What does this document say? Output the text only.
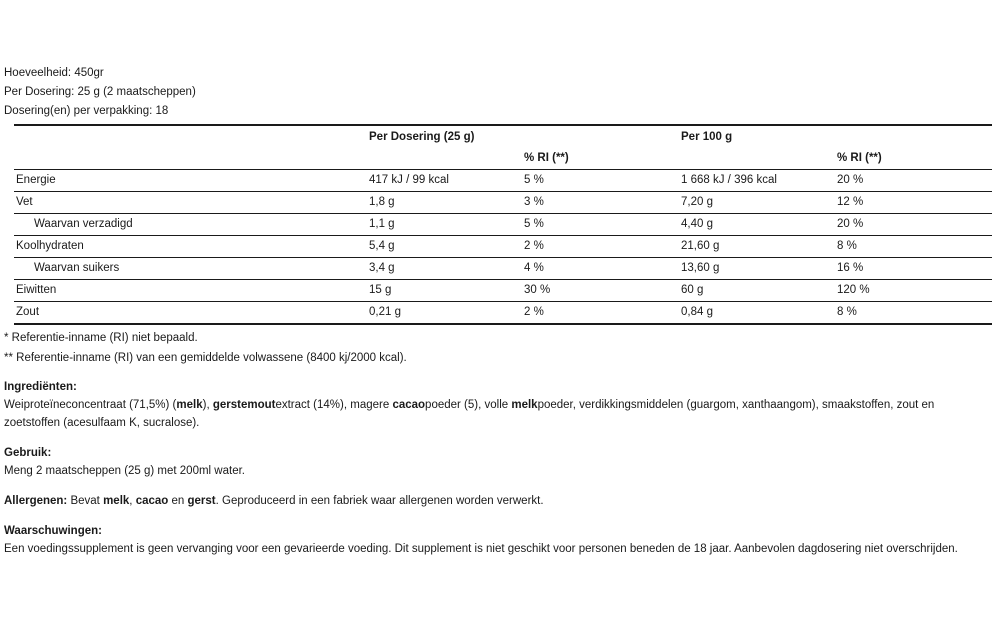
Hoeveelheid: 450gr
Per Dosering: 25 g (2 maatscheppen)
Dosering(en) per verpakking: 18
	Per Dosering (25 g)		Per 100 g	
		% RI (**)		% RI (**)
Energie	417 kJ / 99 kcal	5 %	1 668 kJ / 396 kcal	20 %
Vet	1,8 g	3 %	7,20 g	12 %
Waarvan verzadigd	1,1 g	5 %	4,40 g	20 %
Koolhydraten	5,4 g	2 %	21,60 g	8 %
Waarvan suikers	3,4 g	4 %	13,60 g	16 %
Eiwitten	15 g	30 %	60 g	120 %
Zout	0,21 g	2 %	0,84 g	8 %
* Referentie-inname (RI) niet bepaald.
** Referentie-inname (RI) van een gemiddelde volwassene (8400 kj/2000 kcal).
Ingrediënten:
Weiproteïneconcentraat (71,5%) (melk), gerstemoutextract (14%), magere cacaopoeder (5), volle melkpoeder, verdikkingsmiddelen (guargom, xanthaangom), smaakstoffen, zout en zoetstoffen (acesulfaam K, sucralose).
Gebruik:
Meng 2 maatscheppen (25 g) met 200ml water.
Allergenen: Bevat melk, cacao en gerst. Geproduceerd in een fabriek waar allergenen worden verwerkt.
Waarschuwingen:
Een voedingssupplement is geen vervanging voor een gevarieerde voeding. Dit supplement is niet geschikt voor personen beneden de 18 jaar. Aanbevolen dagdosering niet overschrijden.
